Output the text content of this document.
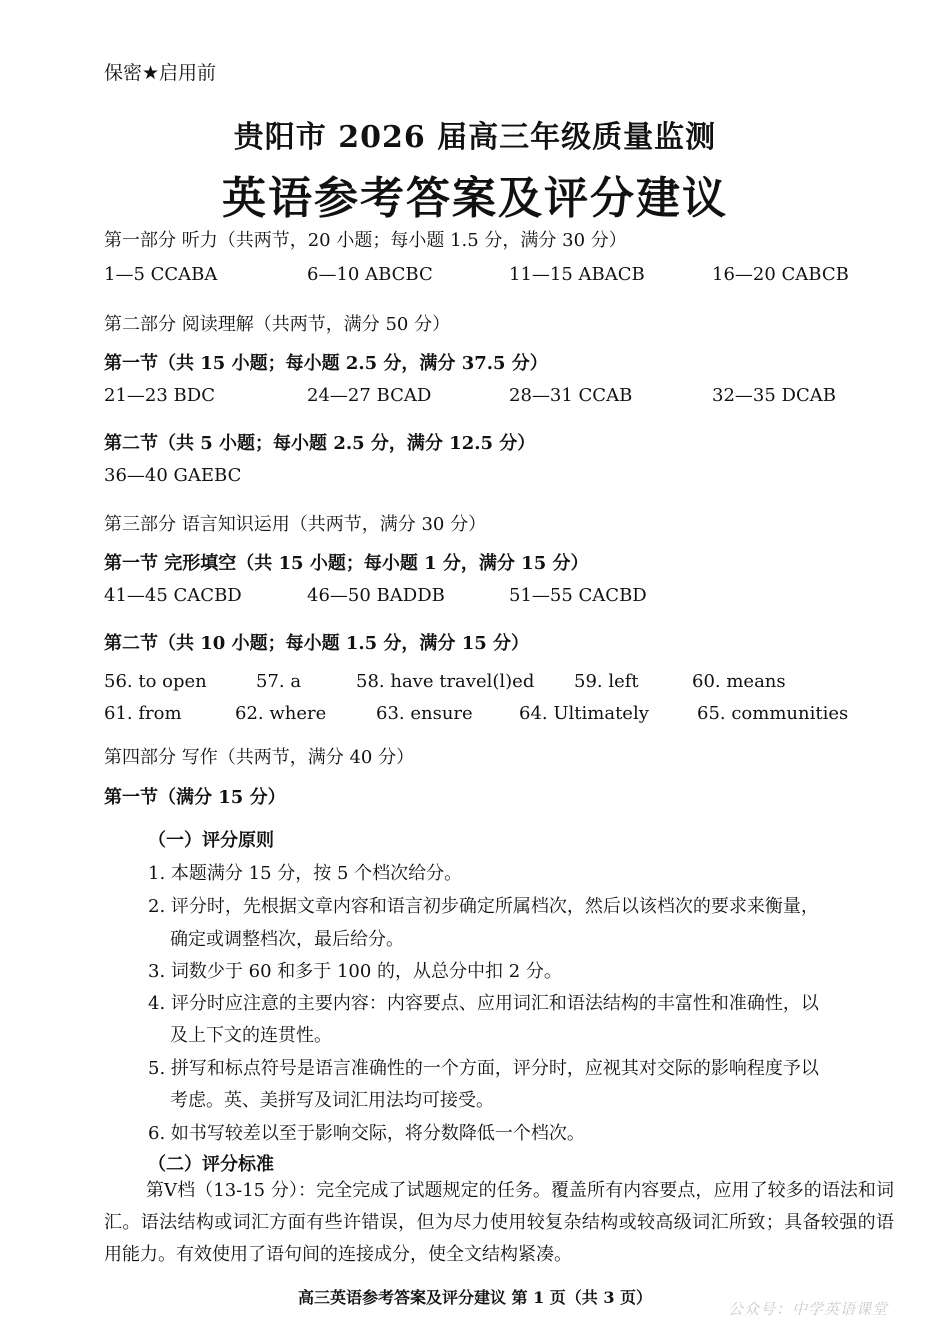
保密★启用前
贵阳市 2026 届高三年级质量监测
英语参考答案及评分建议
第一部分 听力（共两节，20 小题；每小题 1.5 分，满分 30 分）
1—5 CCABA	6—10 ABCBC	11—15 ABACB	16—20 CABCB
第二部分 阅读理解（共两节，满分 50 分）
第一节（共 15 小题；每小题 2.5 分，满分 37.5 分）
21—23 BDC	24—27 BCAD	28—31 CCAB	32—35 DCAB
第二节（共 5 小题；每小题 2.5 分，满分 12.5 分）
36—40 GAEBC
第三部分 语言知识运用（共两节，满分 30 分）
第一节 完形填空（共 15 小题；每小题 1 分，满分 15 分）
41—45 CACBD	46—50 BADDB	51—55 CACBD
第二节（共 10 小题；每小题 1.5 分，满分 15 分）
56. to open	57. a	58. have travel(l)ed 59. left	60. means
61. from	62. where	63. ensure	64. Ultimately	65. communities
第四部分 写作（共两节，满分 40 分）
第一节（满分 15 分）
（一）评分原则
1. 本题满分 15 分，按 5 个档次给分。
2. 评分时，先根据文章内容和语言初步确定所属档次，然后以该档次的要求来衡量，
确定或调整档次，最后给分。
3. 词数少于 60 和多于 100 的，从总分中扣 2 分。
4. 评分时应注意的主要内容：内容要点、应用词汇和语法结构的丰富性和准确性，以
及上下文的连贯性。
5. 拼写和标点符号是语言准确性的一个方面，评分时，应视其对交际的影响程度予以
考虑。英、美拼写及词汇用法均可接受。
6. 如书写较差以至于影响交际，将分数降低一个档次。
（二）评分标准
第Ⅴ档（13-15 分）：完全完成了试题规定的任务。覆盖所有内容要点，应用了较多的语法和词汇。语法结构或词汇方面有些许错误，但为尽力使用较复杂结构或较高级词汇所致；具备较强的语用能力。有效使用了语句间的连接成分，使全文结构紧凑。
高三英语参考答案及评分建议 第 1 页（共 3 页）
公众号：中学英语课堂
